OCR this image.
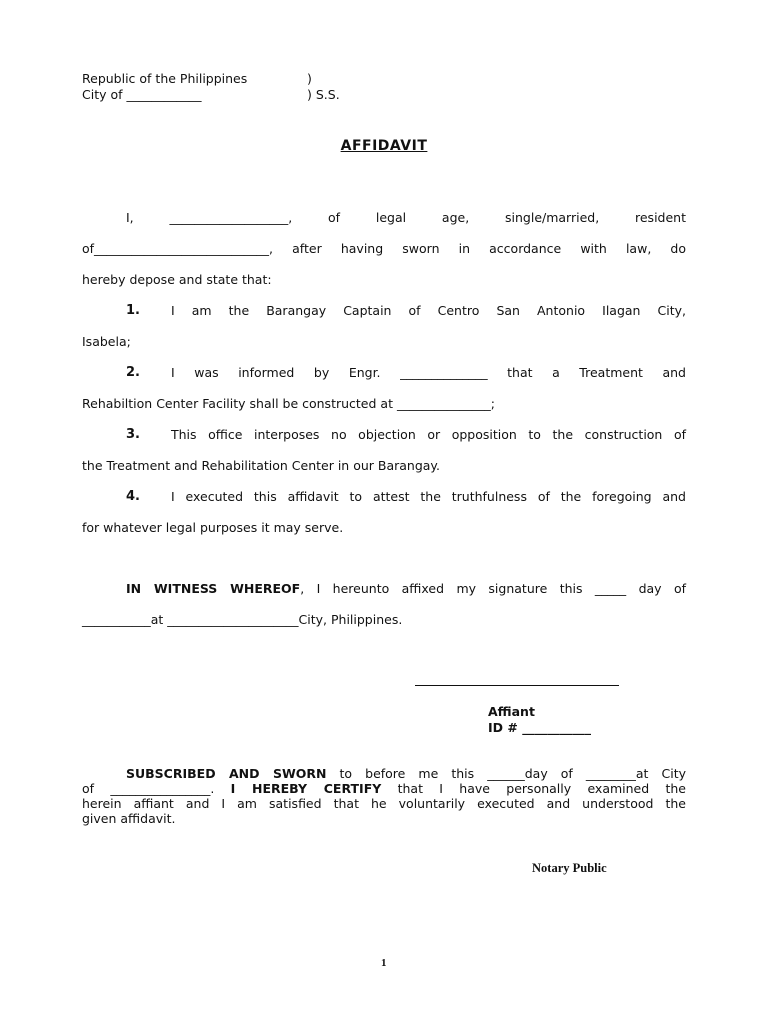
Republic of the Philippines	)
City of ____________	) S.S.
AFFIDAVIT
I, ___________________, of legal age, single/married, resident
of____________________________, after having sworn in accordance with law, do
hereby depose and state that:
1. I am the Barangay Captain of Centro San Antonio Ilagan City,
Isabela;
2. I was informed by Engr. ______________ that a Treatment and
Rehabiltion Center Facility shall be constructed at _______________;
3. This office interposes no objection or opposition to the construction of
the Treatment and Rehabilitation Center in our Barangay.
4. I executed this affidavit to attest the truthfulness of the foregoing and
for whatever legal purposes it may serve.
IN WITNESS WHEREOF, I hereunto affixed my signature this _____ day of
___________at _____________________City, Philippines.
Affiant
ID # ___________
SUBSCRIBED AND SWORN to before me this ______day of ________at City
of ________________. I HEREBY CERTIFY that I have personally examined the
herein affiant and I am satisfied that he voluntarily executed and understood the
given affidavit.
Notary Public
1
